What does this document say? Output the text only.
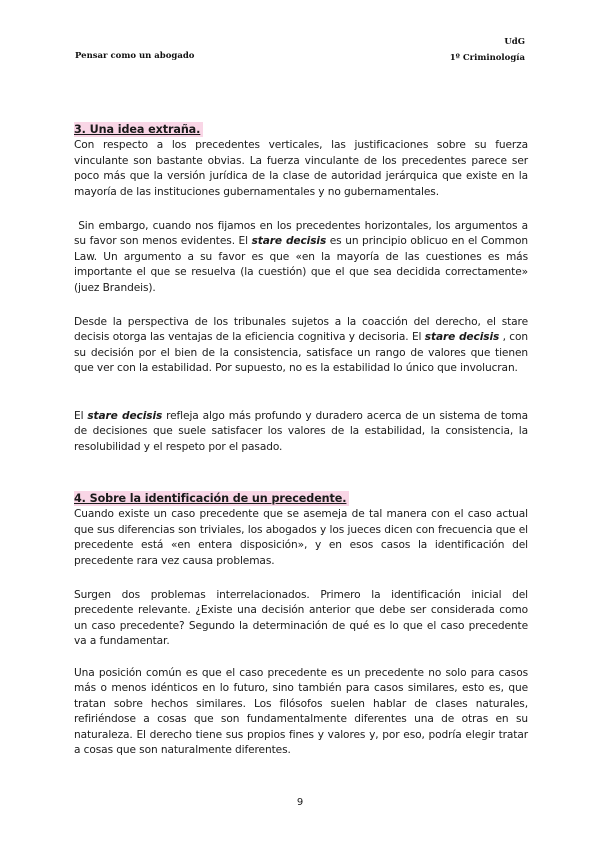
Pensar como un abogado
UdG
1º Criminología
3. Una idea extraña.

Con respecto a los precedentes verticales, las justificaciones sobre su fuerza vinculante son bastante obvias. La fuerza vinculante de los precedentes parece ser poco más que la versión jurídica de la clase de autoridad jerárquica que existe en la mayoría de las instituciones gubernamentales y no gubernamentales.

Sin embargo, cuando nos fijamos en los precedentes horizontales, los argumentos a su favor son menos evidentes. El stare decisis es un principio oblicuo en el Common Law. Un argumento a su favor es que «en la mayoría de las cuestiones es más importante el que se resuelva (la cuestión) que el que sea decidida correctamente» (juez Brandeis).

Desde la perspectiva de los tribunales sujetos a la coacción del derecho, el stare decisis otorga las ventajas de la eficiencia cognitiva y decisoria. El stare decisis , con su decisión por el bien de la consistencia, satisface un rango de valores que tienen que ver con la estabilidad. Por supuesto, no es la estabilidad lo único que involucran.

El stare decisis refleja algo más profundo y duradero acerca de un sistema de toma de decisiones que suele satisfacer los valores de la estabilidad, la consistencia, la resolubilidad y el respeto por el pasado.

4. Sobre la identificación de un precedente.

Cuando existe un caso precedente que se asemeja de tal manera con el caso actual que sus diferencias son triviales, los abogados y los jueces dicen con frecuencia que el precedente está «en entera disposición», y en esos casos la identificación del precedente rara vez causa problemas.

Surgen dos problemas interrelacionados. Primero la identificación inicial del precedente relevante. ¿Existe una decisión anterior que debe ser considerada como un caso precedente? Segundo la determinación de qué es lo que el caso precedente va a fundamentar.

Una posición común es que el caso precedente es un precedente no solo para casos más o menos idénticos en lo futuro, sino también para casos similares, esto es, que tratan sobre hechos similares. Los filósofos suelen hablar de clases naturales, refiriéndose a cosas que son fundamentalmente diferentes una de otras en su naturaleza. El derecho tiene sus propios fines y valores y, por eso, podría elegir tratar a cosas que son naturalmente diferentes.

9
